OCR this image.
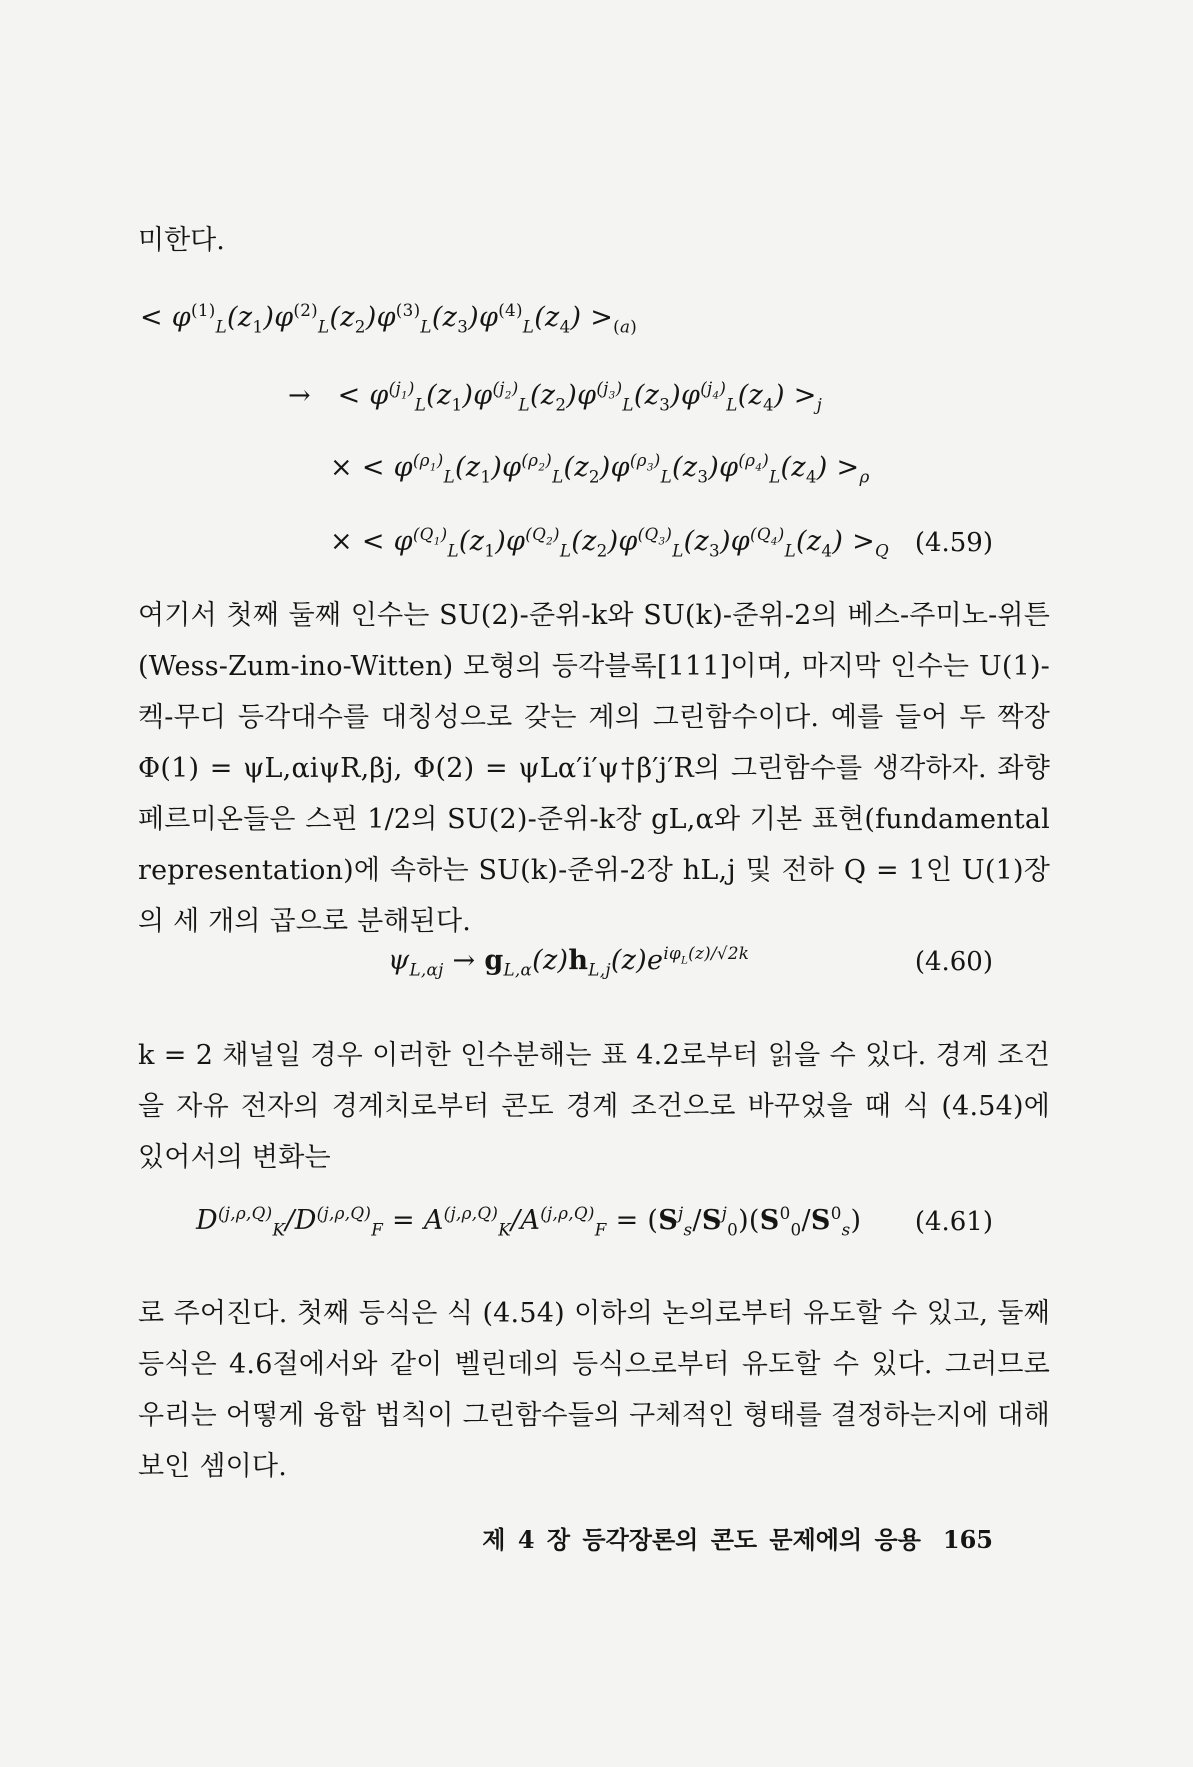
미한다.
< $\varphi^{(1)}_L(z_1)\varphi^{(2)}_L(z_2)\varphi^{(3)}_L(z_3)\varphi^{(4)}_L(z_4) >_{(a)}$
→   < $\varphi^{(j_1)}_L(z_1)\varphi^{(j_2)}_L(z_2)\varphi^{(j_3)}_L(z_3)\varphi^{(j_4)}_L(z_4) >_j$
× < $\varphi^{(\rho_1)}_L(z_1)\varphi^{(\rho_2)}_L(z_2)\varphi^{(\rho_3)}_L(z_3)\varphi^{(\rho_4)}_L(z_4) >_\rho$
× < $\varphi^{(Q_1)}_L(z_1)\varphi^{(Q_2)}_L(z_2)\varphi^{(Q_3)}_L(z_3)\varphi^{(Q_4)}_L(z_4) >_Q$ (4.59)
여기서 첫째 둘째 인수는 SU(2)-준위-k와 SU(k)-준위-2의 베스-주미노-위튼(Wess-Zum-ino-Witten) 모형의 등각블록[111]이며, 마지막 인수는 U(1)-켁-무디 등각대수를 대칭성으로 갖는 계의 그린함수이다. 예를 들어 두 짝장 Φ(1) = ψL,αiψR,βj, Φ(2) = ψLα′i′ψ†β′j′R의 그린함수를 생각하자. 좌향 페르미온들은 스핀 1/2의 SU(2)-준위-k장 gL,α와 기본 표현(fundamental representation)에 속하는 SU(k)-준위-2장 hL,j 및 전하 Q = 1인 U(1)장의 세 개의 곱으로 분해된다.
$\psi_{L,\alpha j} \to g_{L,\alpha}(z)h_{L,j}(z)e^{i\varphi_L(z)/√2k}$	(4.60)
k = 2 채널일 경우 이러한 인수분해는 표 4.2로부터 읽을 수 있다. 경계 조건을 자유 전자의 경계치로부터 콘도 경계 조건으로 바꾸었을 때 식 (4.54)에 있어서의 변화는
$D^{(j,\rho,Q)}_K/D^{(j,\rho,Q)}_F = A^{(j,\rho,Q)}_K/A^{(j,\rho,Q)}_F = (S^j_s/S^j_0)(S^0_0/S^0_s)$ (4.61)
로 주어진다. 첫째 등식은 식 (4.54) 이하의 논의로부터 유도할 수 있고, 둘째 등식은 4.6절에서와 같이 벨린데의 등식으로부터 유도할 수 있다. 그러므로 우리는 어떻게 융합 법칙이 그린함수들의 구체적인 형태를 결정하는지에 대해 보인 셈이다.
제 4 장 등각장론의 콘도 문제에의 응용 165
